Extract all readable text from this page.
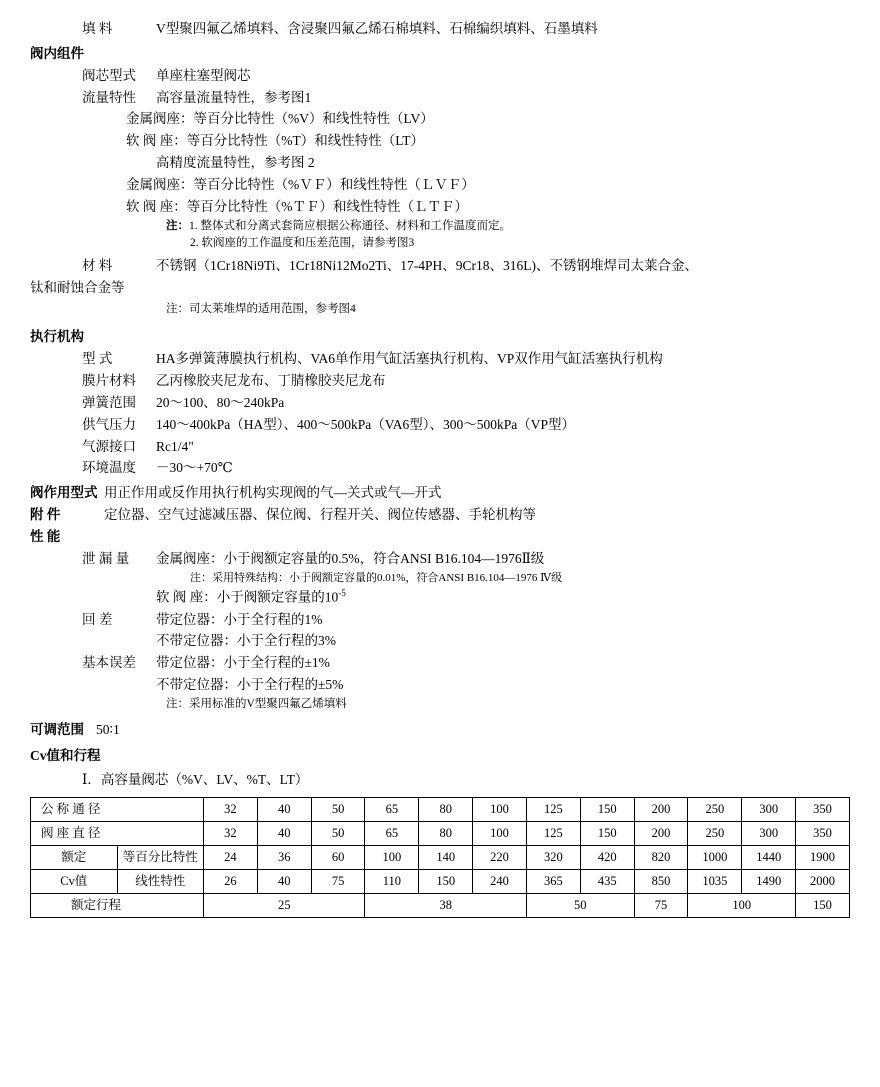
填 料	V型聚四氟乙烯填料、含浸聚四氟乙烯石棉填料、石棉编织填料、石墨填料
阀内组件
阀芯型式	单座柱塞型阀芯
流量特性	高容量流量特性，参考图1
金属阀座：等百分比特性（%V）和线性特性（LV）
软 阀 座：等百分比特性（%T）和线性特性（LT）
高精度流量特性，参考图 2
金属阀座：等百分比特性（%ＶＦ）和线性特性（ＬＶＦ）
软 阀 座：等百分比特性（%ＴＦ）和线性特性（ＬＴＦ）
注： 1. 整体式和分离式套筒应根据公称通径、材料和工作温度而定。
2. 软阀座的工作温度和压差范围，请参考图3
材 料	不锈钢（1Cr18Ni9Ti、1Cr18Ni12Mo2Ti、17-4PH、9Cr18、316L)、不锈钢堆焊司太莱合金、
钛和耐蚀合金等
注：司太莱堆焊的适用范围，参考图4
执行机构
型 式	HA多弹簧薄膜执行机构、VA6单作用气缸活塞执行机构、VP双作用气缸活塞执行机构
膜片材料	乙丙橡胶夹尼龙布、丁腈橡胶夹尼龙布
弹簧范围	20～100、80～240kPa
供气压力	140～400kPa（HA型）、400～500kPa（VA6型）、300～500kPa（VP型）
气源接口	Rc1/4"
环境温度	－30～+70℃
阀作用型式 用正作用或反作用执行机构实现阀的气—关式或气—开式
附 件	定位器、空气过滤减压器、保位阀、行程开关、阀位传感器、手轮机构等
性 能
泄 漏 量	金属阀座：小于阀额定容量的0.5%，符合ANSI B16.104—1976Ⅱ级
注：采用特殊结构：小于阀额定容量的0.01%，符合ANSI B16.104—1976 Ⅳ级
软 阀 座：小于阀额定容量的$10^{-5}$
回 差	带定位器：小于全行程的1%
不带定位器：小于全行程的3%
基本误差	带定位器：小于全行程的±1%
不带定位器：小于全行程的±5%
注：采用标准的V型聚四氟乙烯填料
可调范围 50∶1
Cv值和行程
Ⅰ．高容量阀芯（%V、LV、%T、LT）
公 称 通 径		32	40	50	65	80	100	125	150	200	250	300	350
阀 座 直 径		32	40	50	65	80	100	125	150	200	250	300	350
额定	等百分比特性	24	36	60	100	140	220	320	420	820	1000	1440	1900
Cv值	线性特性	26	40	75	110	150	240	365	435	850	1035	1490	2000
额定行程		25			38			50		75	100		150
